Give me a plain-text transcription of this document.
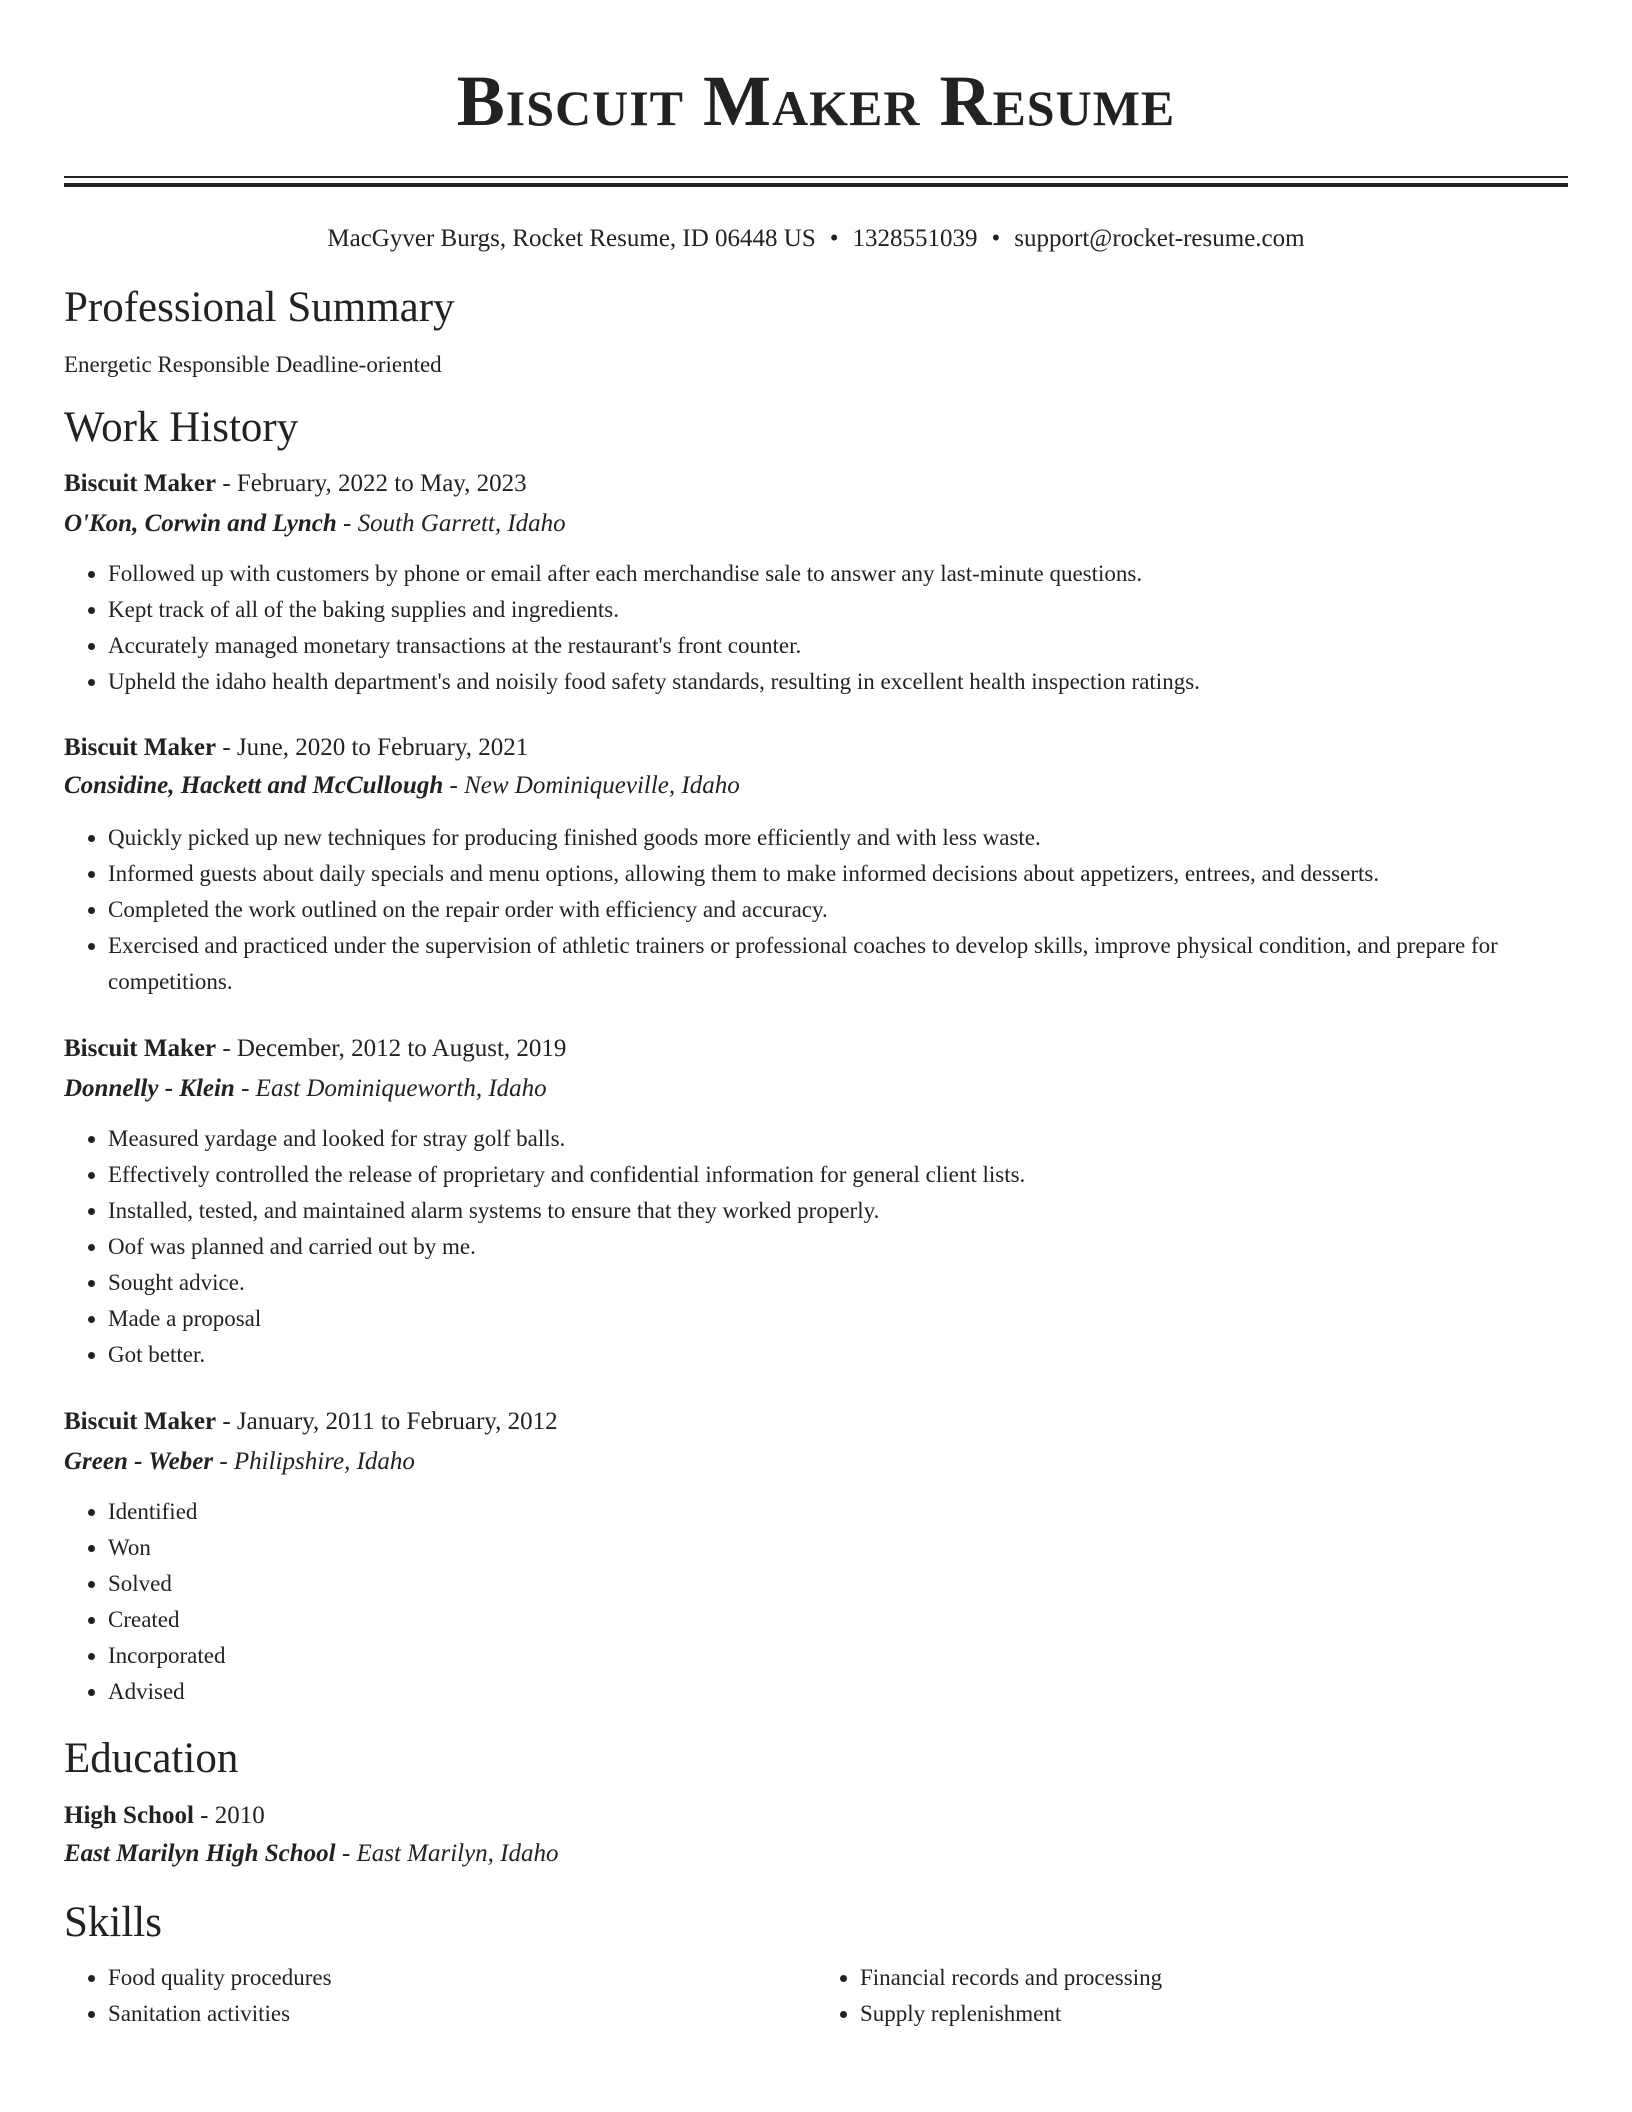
Biscuit Maker Resume
MacGyver Burgs, Rocket Resume, ID 06448 US • 1328551039 • support@rocket-resume.com
Professional Summary

Energetic Responsible Deadline-oriented

Work History

Biscuit Maker - February, 2022 to May, 2023

O'Kon, Corwin and Lynch - South Garrett, Idaho

• Followed up with customers by phone or email after each merchandise sale to answer any last-minute questions.
• Kept track of all of the baking supplies and ingredients.
• Accurately managed monetary transactions at the restaurant's front counter.
• Upheld the idaho health department's and noisily food safety standards, resulting in excellent health inspection ratings.

Biscuit Maker - June, 2020 to February, 2021

Considine, Hackett and McCullough - New Dominiqueville, Idaho

• Quickly picked up new techniques for producing finished goods more efficiently and with less waste.
• Informed guests about daily specials and menu options, allowing them to make informed decisions about appetizers, entrees, and desserts.
• Completed the work outlined on the repair order with efficiency and accuracy.
• Exercised and practiced under the supervision of athletic trainers or professional coaches to develop skills, improve physical condition, and prepare for competitions.

Biscuit Maker - December, 2012 to August, 2019

Donnelly - Klein - East Dominiqueworth, Idaho

• Measured yardage and looked for stray golf balls.
• Effectively controlled the release of proprietary and confidential information for general client lists.
• Installed, tested, and maintained alarm systems to ensure that they worked properly.
• Oof was planned and carried out by me.
• Sought advice.
• Made a proposal
• Got better.

Biscuit Maker - January, 2011 to February, 2012

Green - Weber - Philipshire, Idaho

• Identified
• Won
• Solved
• Created
• Incorporated
• Advised
Education

High School - 2010

East Marilyn High School - East Marilyn, Idaho

Skills
• Food quality procedures
• Sanitation activities
• Financial records and processing
• Supply replenishment
